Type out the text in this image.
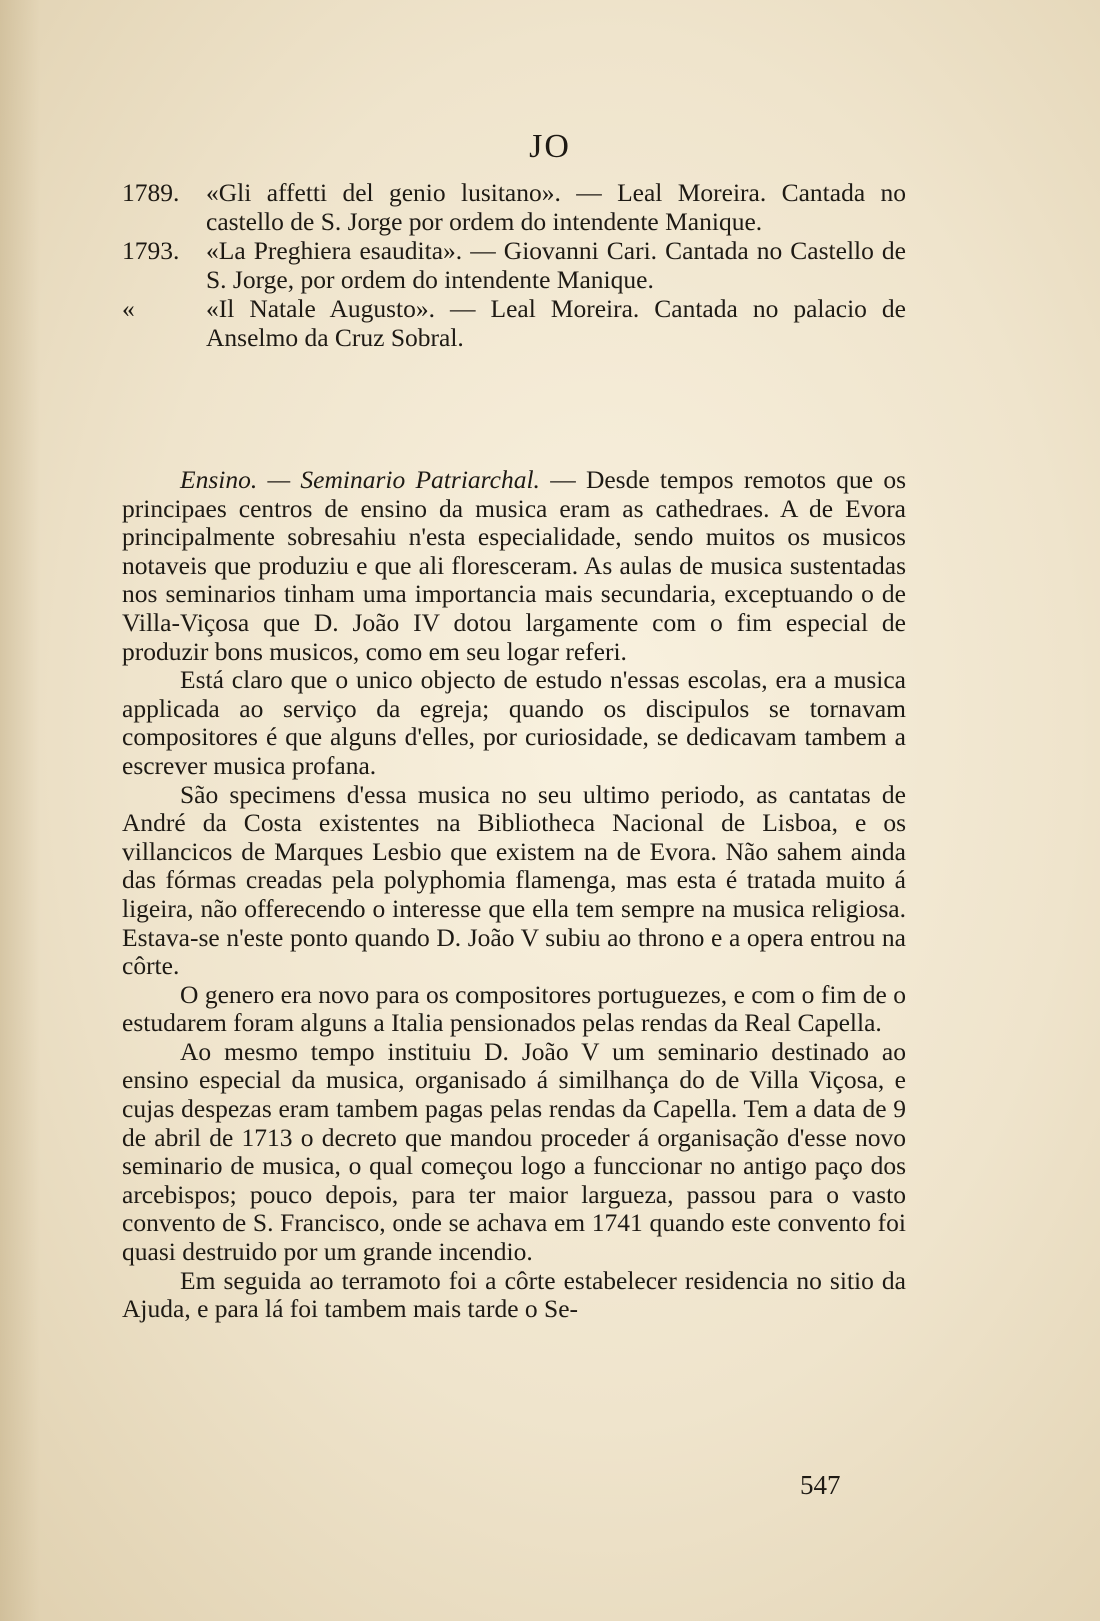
JO
1789.	«Gli affetti del genio lusitano». — Leal Moreira. Cantada no castello de S. Jorge por ordem do intendente Manique.
1793.	«La Preghiera esaudita». — Giovanni Cari. Cantada no Castello de S. Jorge, por ordem do intendente Manique.
«	«Il Natale Augusto». — Leal Moreira. Cantada no palacio de Anselmo da Cruz Sobral.

Ensino. — Seminario Patriarchal. — Desde tempos remotos que os principaes centros de ensino da musica eram as cathedraes. A de Evora principalmente sobresahiu n'esta especialidade, sendo muitos os musicos notaveis que produziu e que ali floresceram. As aulas de musica sustentadas nos seminarios tinham uma importancia mais secundaria, exceptuando o de Villa-Viçosa que D. João IV dotou largamente com o fim especial de produzir bons musicos, como em seu logar referi.

Está claro que o unico objecto de estudo n'essas escolas, era a musica applicada ao serviço da egreja; quando os discipulos se tornavam compositores é que alguns d'elles, por curiosidade, se dedicavam tambem a escrever musica profana.

São specimens d'essa musica no seu ultimo periodo, as cantatas de André da Costa existentes na Bibliotheca Nacional de Lisboa, e os villancicos de Marques Lesbio que existem na de Evora. Não sahem ainda das fórmas creadas pela polyphomia flamenga, mas esta é tratada muito á ligeira, não offerecendo o interesse que ella tem sempre na musica religiosa. Estava-se n'este ponto quando D. João V subiu ao throno e a opera entrou na côrte.

O genero era novo para os compositores portuguezes, e com o fim de o estudarem foram alguns a Italia pensionados pelas rendas da Real Capella.

Ao mesmo tempo instituiu D. João V um seminario destinado ao ensino especial da musica, organisado á similhança do de Villa Viçosa, e cujas despezas eram tambem pagas pelas rendas da Capella. Tem a data de 9 de abril de 1713 o decreto que mandou proceder á organisação d'esse novo seminario de musica, o qual começou logo a funccionar no antigo paço dos arcebispos; pouco depois, para ter maior largueza, passou para o vasto convento de S. Francisco, onde se achava em 1741 quando este convento foi quasi destruido por um grande incendio.

Em seguida ao terramoto foi a côrte estabelecer residencia no sitio da Ajuda, e para lá foi tambem mais tarde o Se-

547
